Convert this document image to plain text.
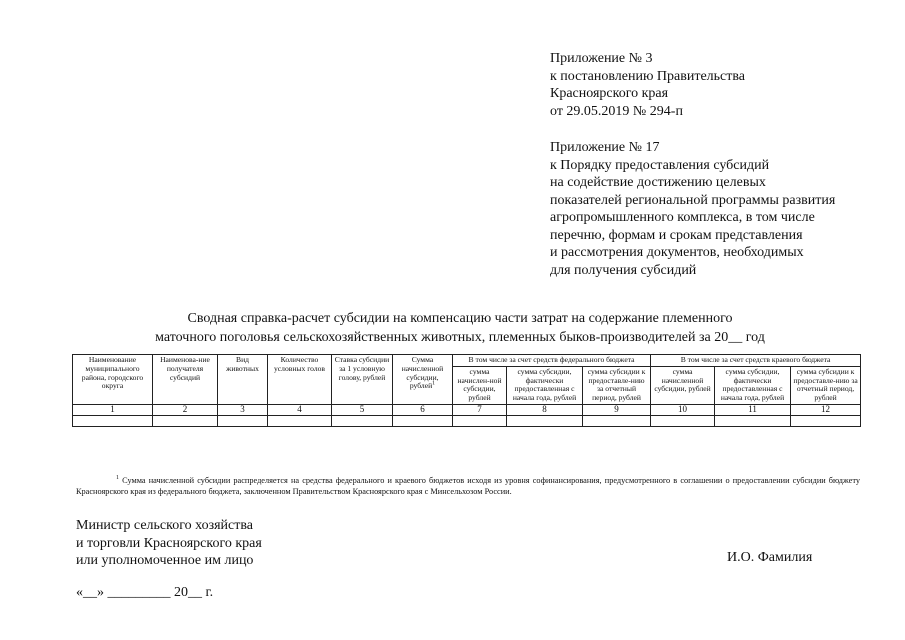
Приложение № 3
к постановлению Правительства
Красноярского края
от 29.05.2019 № 294-п
Приложение № 17
к Порядку предоставления субсидий
на содействие достижению целевых
показателей региональной программы развития
агропромышленного комплекса, в том числе
перечню, формам и срокам представления
и рассмотрения документов, необходимых
для получения субсидий
Сводная справка-расчет субсидии на компенсацию части затрат на содержание племенного
маточного поголовья сельскохозяйственных животных, племенных быков-производителей за 20__ год
Наименование муниципального района, городского округа	Наименова-ние получателя субсидий	Вид животных	Количество условных голов	Ставка субсидии за 1 условную голову, рублей	Сумма начисленной субсидии, рублей$^1$	В том числе за счет средств федерального бюджета			В том числе за счет средств краевого бюджета		
						сумма начислен-ной субсидии, рублей	сумма субсидии, фактически предоставленная с начала года, рублей	сумма субсидии к предоставле-нию за отчетный период, рублей	сумма начисленной субсидии, рублей	сумма субсидии, фактически предоставленная с начала года, рублей	сумма субсидии к предоставле-нию за отчетный период, рублей
1	2	3	4	5	6	7	8	9	10	11	12

$^1$ Сумма начисленной субсидии распределяется на средства федерального и краевого бюджетов исходя из уровня софинансирования, предусмотренного в соглашении о предоставлении субсидии бюджету Красноярского края из федерального бюджета, заключенном Правительством Красноярского края с Минсельхозом России.
Министр сельского хозяйства
и торговли Красноярского края
или уполномоченное им лицо	И.О. Фамилия
«__» _________ 20__ г.
